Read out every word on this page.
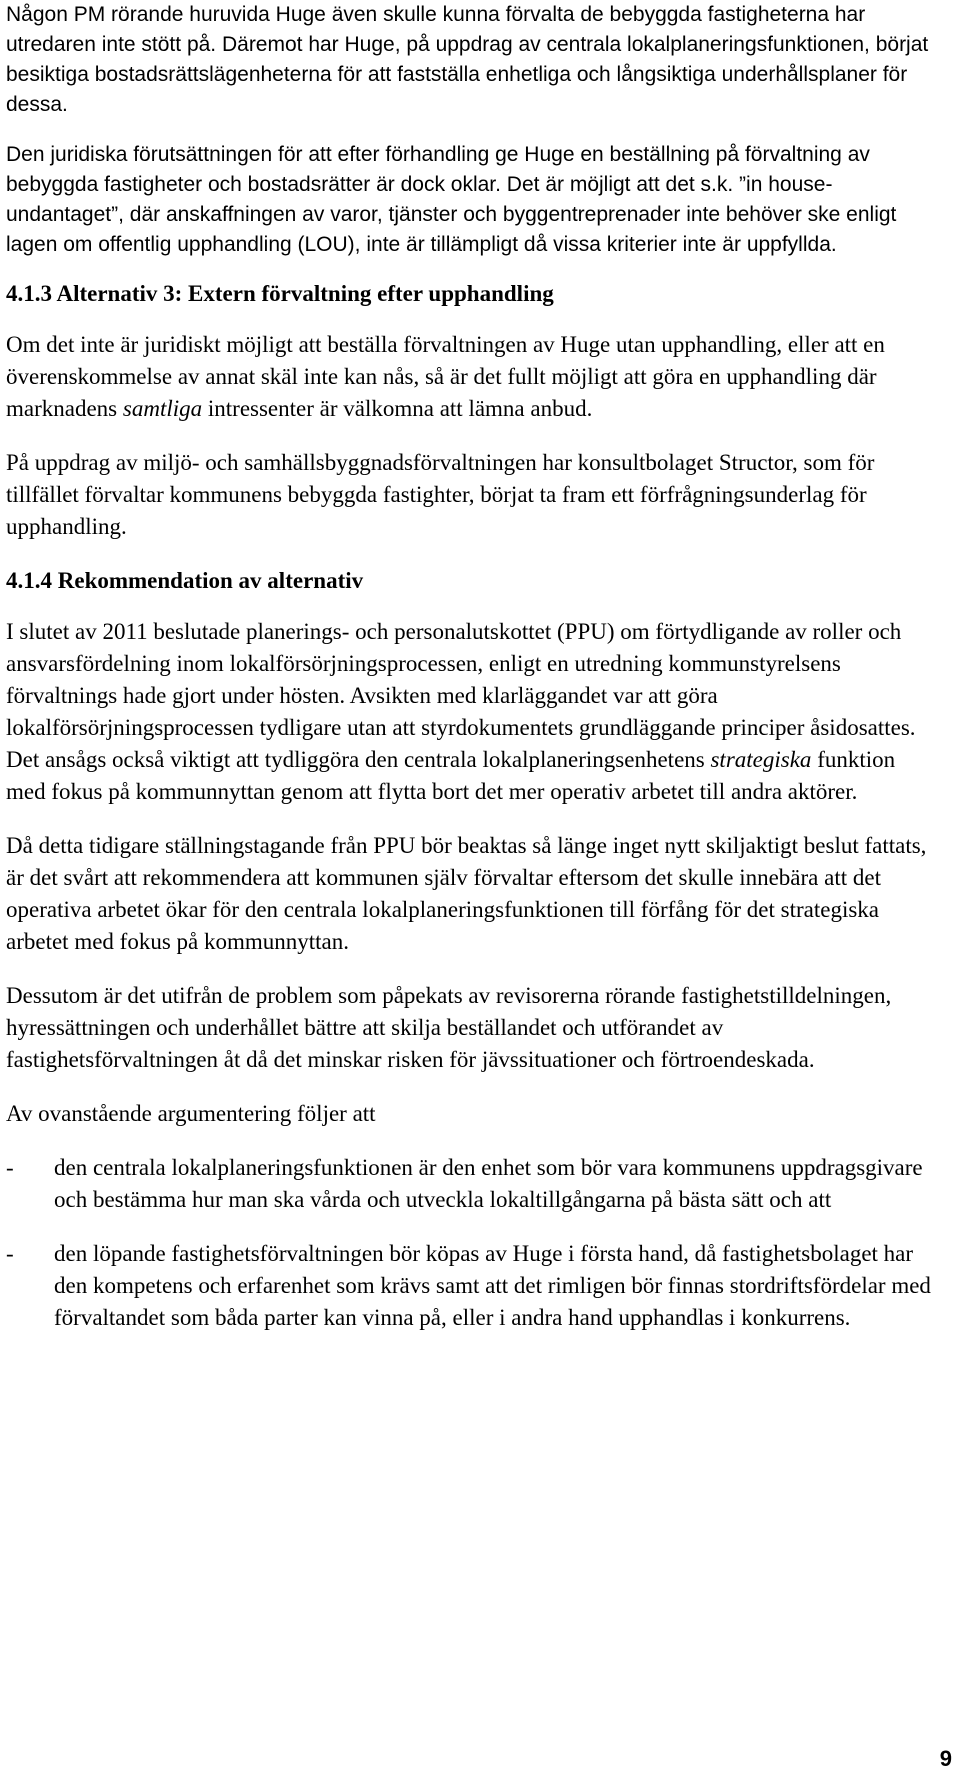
Någon PM rörande huruvida Huge även skulle kunna förvalta de bebyggda fastigheterna har utredaren inte stött på. Däremot har Huge, på uppdrag av centrala lokalplaneringsfunktionen, börjat besiktiga bostadsrättslägenheterna för att fastställa enhetliga och långsiktiga underhållsplaner för dessa.

Den juridiska förutsättningen för att efter förhandling ge Huge en beställning på förvaltning av bebyggda fastigheter och bostadsrätter är dock oklar. Det är möjligt att det s.k. ”in house-undantaget”, där anskaffningen av varor, tjänster och byggentreprenader inte behöver ske enligt lagen om offentlig upphandling (LOU), inte är tillämpligt då vissa kriterier inte är uppfyllda.

4.1.3 Alternativ 3: Extern förvaltning efter upphandling

Om det inte är juridiskt möjligt att beställa förvaltningen av Huge utan upphandling, eller att en överenskommelse av annat skäl inte kan nås, så är det fullt möjligt att göra en upphandling där marknadens samtliga intressenter är välkomna att lämna anbud.

På uppdrag av miljö- och samhällsbyggnadsförvaltningen har konsultbolaget Structor, som för tillfället förvaltar kommunens bebyggda fastighter, börjat ta fram ett förfrågningsunderlag för upphandling.

4.1.4 Rekommendation av alternativ

I slutet av 2011 beslutade planerings- och personalutskottet (PPU) om förtydligande av roller och ansvarsfördelning inom lokalförsörjningsprocessen, enligt en utredning kommunstyrelsens förvaltnings hade gjort under hösten. Avsikten med klarläggandet var att göra lokalförsörjningsprocessen tydligare utan att styrdokumentets grundläggande principer åsidosattes. Det ansågs också viktigt att tydliggöra den centrala lokalplaneringsenhetens strategiska funktion med fokus på kommunnyttan genom att flytta bort det mer operativ arbetet till andra aktörer.

Då detta tidigare ställningstagande från PPU bör beaktas så länge inget nytt skiljaktigt beslut fattats, är det svårt att rekommendera att kommunen själv förvaltar eftersom det skulle innebära att det operativa arbetet ökar för den centrala lokalplaneringsfunktionen till förfång för det strategiska arbetet med fokus på kommunnyttan.

Dessutom är det utifrån de problem som påpekats av revisorerna rörande fastighetstilldelningen, hyressättningen och underhållet bättre att skilja beställandet och utförandet av fastighetsförvaltningen åt då det minskar risken för jävssituationer och förtroendeskada.

Av ovanstående argumentering följer att

-	den centrala lokalplaneringsfunktionen är den enhet som bör vara kommunens uppdragsgivare och bestämma hur man ska vårda och utveckla lokaltillgångarna på bästa sätt och att
-	den löpande fastighetsförvaltningen bör köpas av Huge i första hand, då fastighetsbolaget har den kompetens och erfarenhet som krävs samt att det rimligen bör finnas stordriftsfördelar med förvaltandet som båda parter kan vinna på, eller i andra hand upphandlas i konkurrens.
9
